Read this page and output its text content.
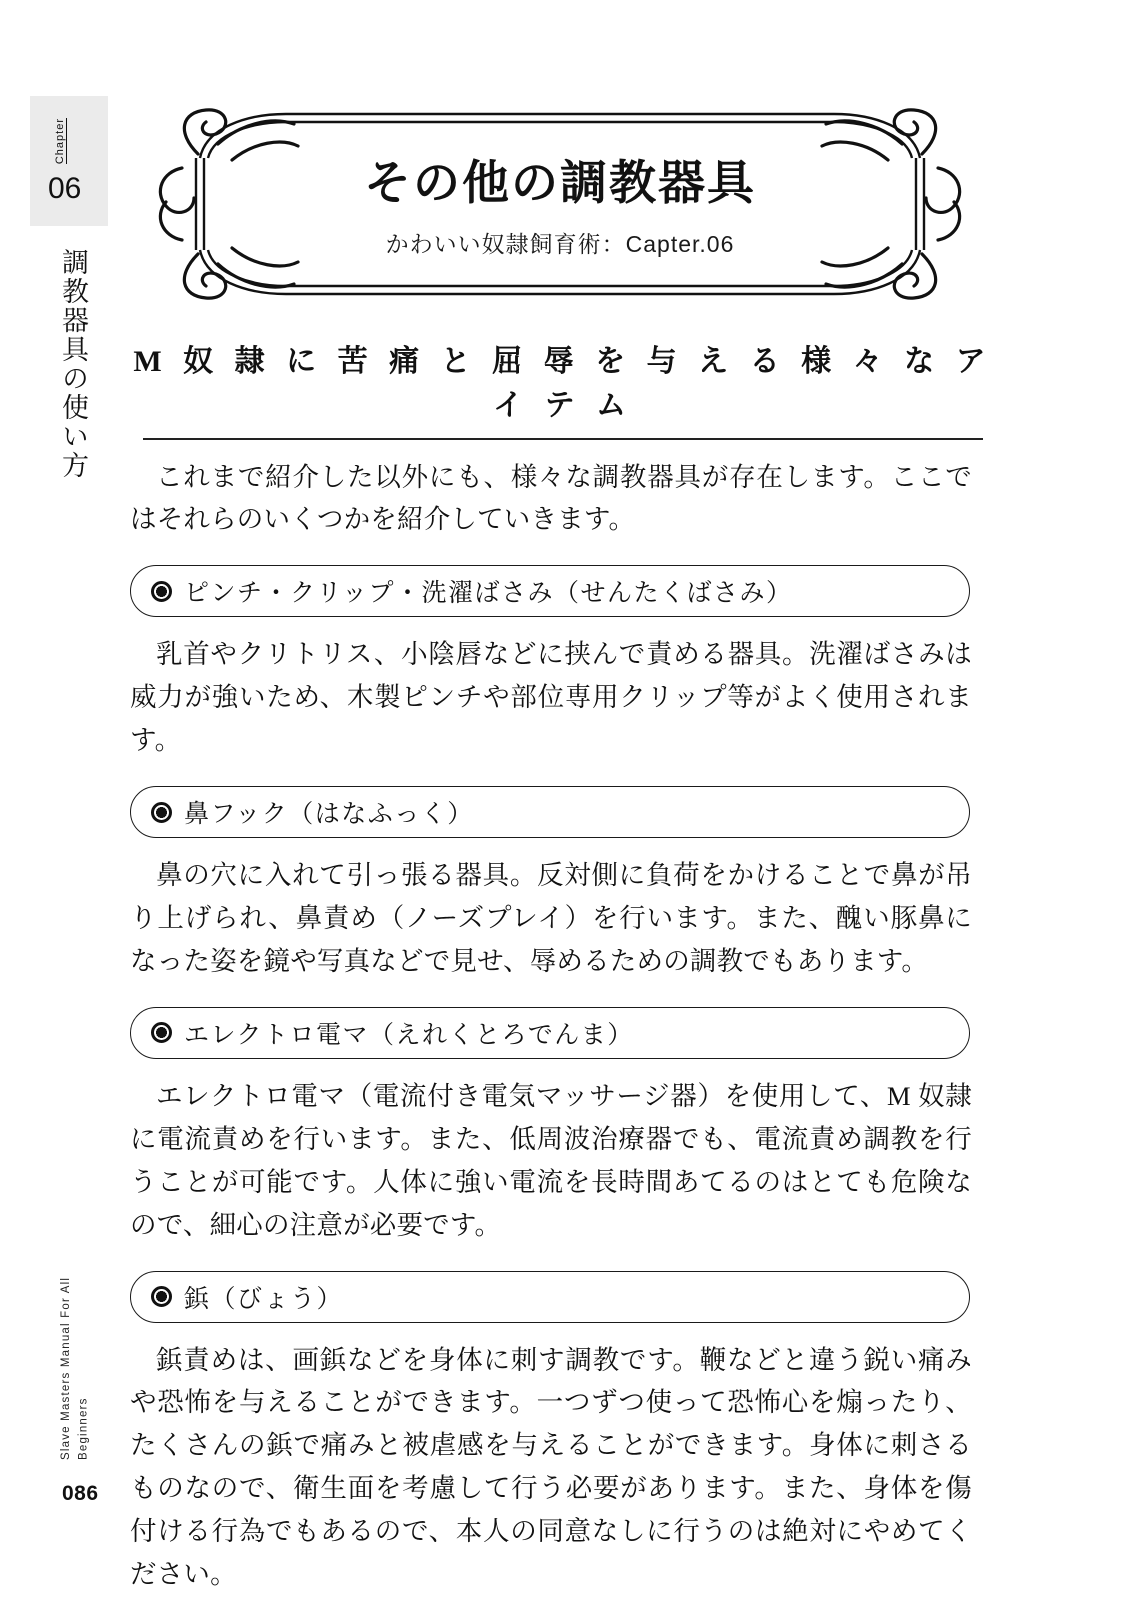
Chapter
06
調教器具の使い方
Slave Masters Manual For All Beginners
086
その他の調教器具
かわいい奴隷飼育術：Capter.06
M 奴 隷 に 苦 痛 と 屈 辱 を 与 え る 様 々 な ア イ テ ム

これまで紹介した以外にも、様々な調教器具が存在します。ここではそれらのいくつかを紹介していきます。

ピンチ・クリップ・洗濯ばさみ（せんたくばさみ）

乳首やクリトリス、小陰唇などに挟んで責める器具。洗濯ばさみは威力が強いため、木製ピンチや部位専用クリップ等がよく使用されます。

鼻フック（はなふっく）

鼻の穴に入れて引っ張る器具。反対側に負荷をかけることで鼻が吊り上げられ、鼻責め（ノーズプレイ）を行います。また、醜い豚鼻になった姿を鏡や写真などで見せ、辱めるための調教でもあります。

エレクトロ電マ（えれくとろでんま）

エレクトロ電マ（電流付き電気マッサージ器）を使用して、M 奴隷に電流責めを行います。また、低周波治療器でも、電流責め調教を行うことが可能です。人体に強い電流を長時間あてるのはとても危険なので、細心の注意が必要です。

鋲（びょう）

鋲責めは、画鋲などを身体に刺す調教です。鞭などと違う鋭い痛みや恐怖を与えることができます。一つずつ使って恐怖心を煽ったり、たくさんの鋲で痛みと被虐感を与えることができます。身体に刺さるものなので、衛生面を考慮して行う必要があります。また、身体を傷付ける行為でもあるので、本人の同意なしに行うのは絶対にやめてください。
